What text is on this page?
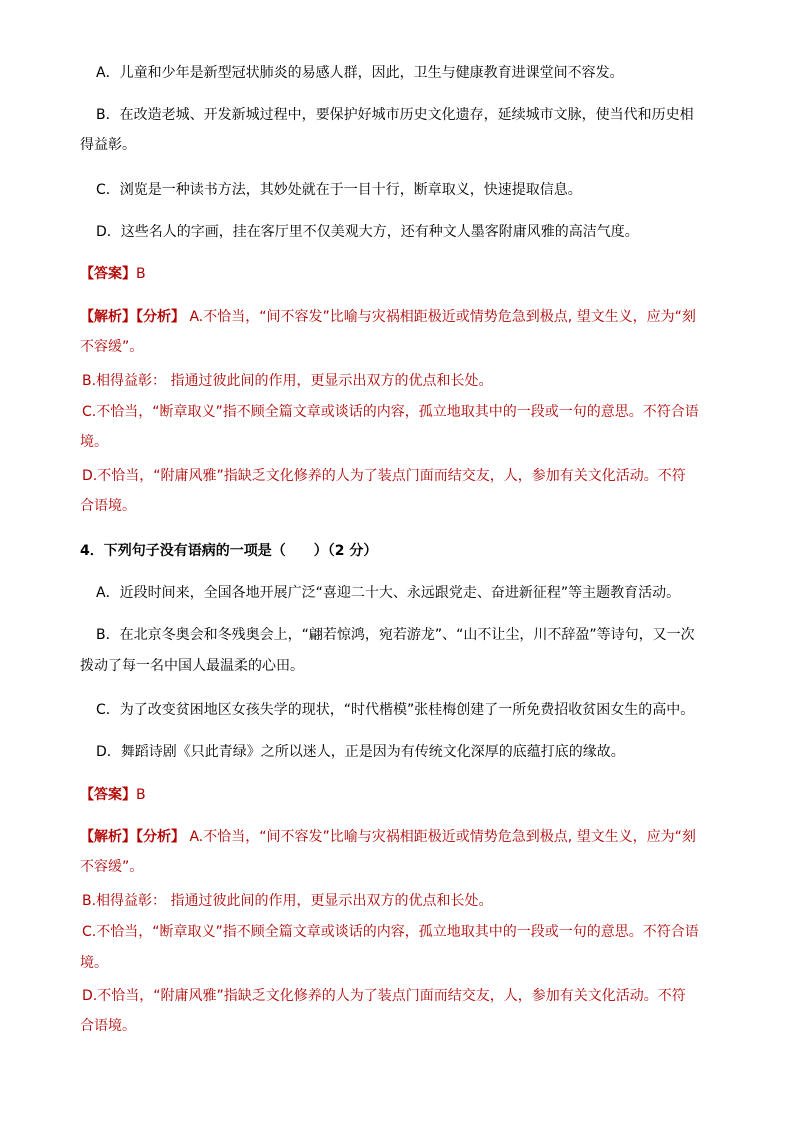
A．儿童和少年是新型冠状肺炎的易感人群，因此，卫生与健康教育进课堂间不容发。
B．在改造老城、开发新城过程中，要保护好城市历史文化遗存，延续城市文脉，使当代和历史相
得益彰。
C．浏览是一种读书方法，其妙处就在于一目十行，断章取义，快速提取信息。
D．这些名人的字画，挂在客厅里不仅美观大方，还有种文人墨客附庸风雅的高洁气度。
【答案】B
【解析】【分析】 A.不恰当，“间不容发”比喻与灾祸相距极近或情势危急到极点, 望文生义，应为“刻
不容缓”。
B.相得益彰： 指通过彼此间的作用，更显示出双方的优点和长处。
C.不恰当，“断章取义”指不顾全篇文章或谈话的内容，孤立地取其中的一段或一句的意思。不符合语
境。
D.不恰当，“附庸风雅”指缺乏文化修养的人为了装点门面而结交友，人，参加有关文化活动。不符
合语境。
4．下列句子没有语病的一项是（　　）（2 分）
A．近段时间来，全国各地开展广泛“喜迎二十大、永远跟党走、奋进新征程”等主题教育活动。
B．在北京冬奥会和冬残奥会上，“翩若惊鸿，宛若游龙”、“山不让尘，川不辞盈”等诗句，又一次
拨动了每一名中国人最温柔的心田。
C．为了改变贫困地区女孩失学的现状，“时代楷模”张桂梅创建了一所免费招收贫困女生的高中。
D．舞蹈诗剧《只此青绿》之所以迷人，正是因为有传统文化深厚的底蕴打底的缘故。
【答案】B
【解析】【分析】 A.不恰当，“间不容发”比喻与灾祸相距极近或情势危急到极点, 望文生义，应为“刻
不容缓”。
B.相得益彰： 指通过彼此间的作用，更显示出双方的优点和长处。
C.不恰当，“断章取义”指不顾全篇文章或谈话的内容，孤立地取其中的一段或一句的意思。不符合语
境。
D.不恰当，“附庸风雅”指缺乏文化修养的人为了装点门面而结交友，人，参加有关文化活动。不符
合语境。
